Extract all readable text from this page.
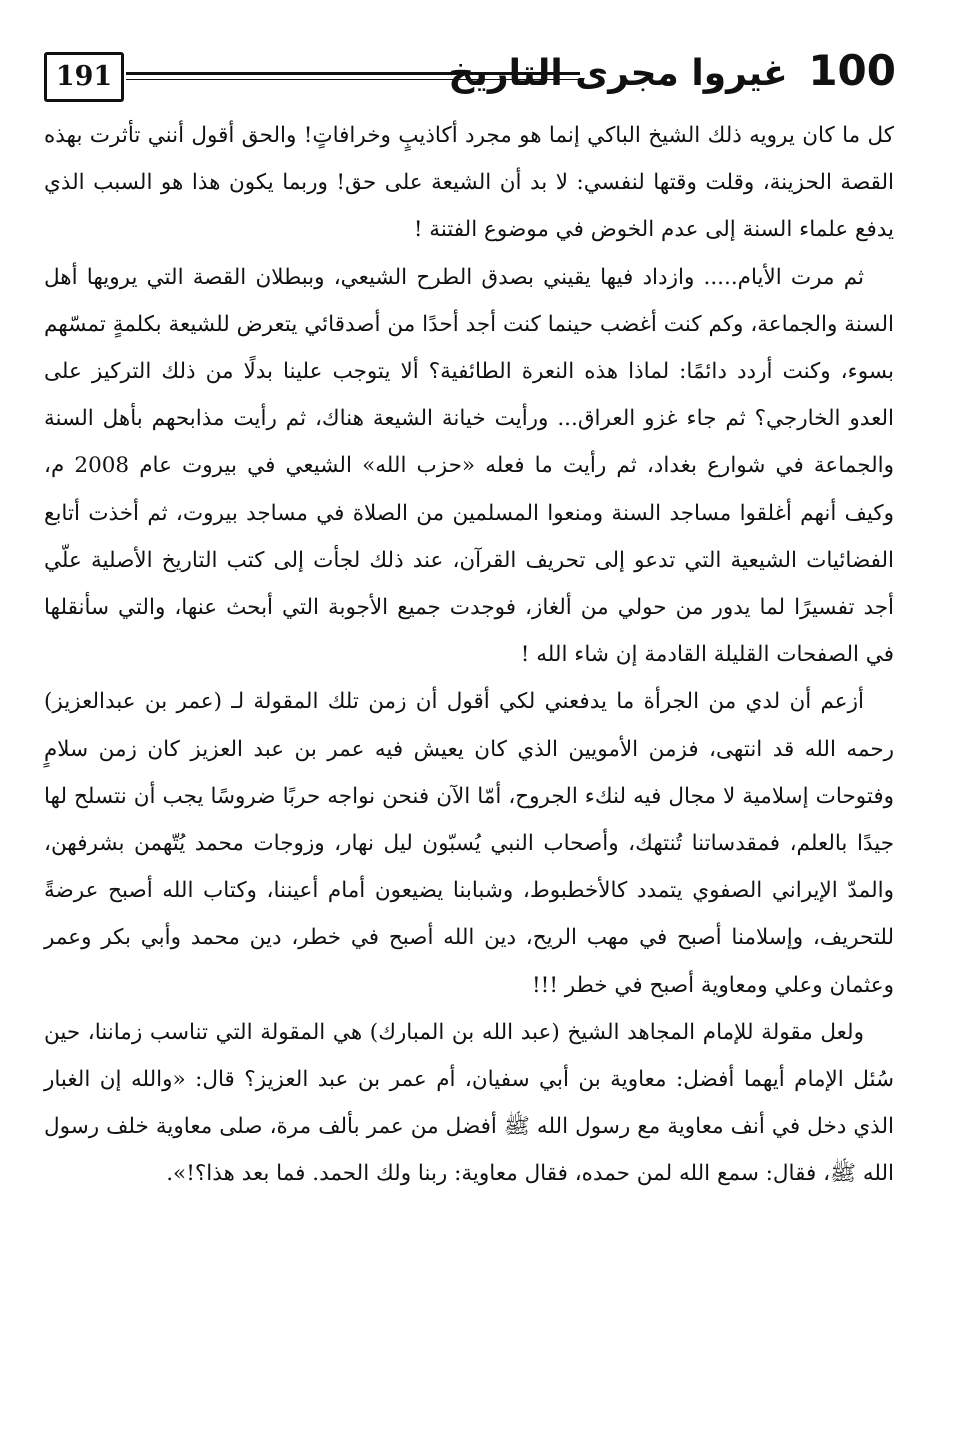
100 غيروا مجرى التاريخ
191

كل ما كان يرويه ذلك الشيخ الباكي إنما هو مجرد أكاذيبٍ وخرافاتٍ! والحق أقول أنني تأثرت بهذه القصة الحزينة، وقلت وقتها لنفسي: لا بد أن الشيعة على حق! وربما يكون هذا هو السبب الذي يدفع علماء السنة إلى عدم الخوض في موضوع الفتنة !

ثم مرت الأيام..... وازداد فيها يقيني بصدق الطرح الشيعي، وببطلان القصة التي يرويها أهل السنة والجماعة، وكم كنت أغضب حينما كنت أجد أحدًا من أصدقائي يتعرض للشيعة بكلمةٍ تمسّهم بسوء، وكنت أردد دائمًا: لماذا هذه النعرة الطائفية؟ ألا يتوجب علينا بدلًا من ذلك التركيز على العدو الخارجي؟ ثم جاء غزو العراق... ورأيت خيانة الشيعة هناك، ثم رأيت مذابحهم بأهل السنة والجماعة في شوارع بغداد، ثم رأيت ما فعله «حزب الله» الشيعي في بيروت عام 2008 م، وكيف أنهم أغلقوا مساجد السنة ومنعوا المسلمين من الصلاة في مساجد بيروت، ثم أخذت أتابع الفضائيات الشيعية التي تدعو إلى تحريف القرآن، عند ذلك لجأت إلى كتب التاريخ الأصلية علّي أجد تفسيرًا لما يدور من حولي من ألغاز، فوجدت جميع الأجوبة التي أبحث عنها، والتي سأنقلها في الصفحات القليلة القادمة إن شاء الله !

أزعم أن لدي من الجرأة ما يدفعني لكي أقول أن زمن تلك المقولة لـ (عمر بن عبدالعزيز) رحمه الله قد انتهى، فزمن الأمويين الذي كان يعيش فيه عمر بن عبد العزيز كان زمن سلامٍ وفتوحات إسلامية لا مجال فيه لنكء الجروح، أمّا الآن فنحن نواجه حربًا ضروسًا يجب أن نتسلح لها جيدًا بالعلم، فمقدساتنا تُنتهك، وأصحاب النبي يُسبّون ليل نهار، وزوجات محمد يُتّهمن بشرفهن، والمدّ الإيراني الصفوي يتمدد كالأخطبوط، وشبابنا يضيعون أمام أعيننا، وكتاب الله أصبح عرضةً للتحريف، وإسلامنا أصبح في مهب الريح، دين الله أصبح في خطر، دين محمد وأبي بكر وعمر وعثمان وعلي ومعاوية أصبح في خطر !!!

ولعل مقولة للإمام المجاهد الشيخ (عبد الله بن المبارك) هي المقولة التي تناسب زماننا، حين سُئل الإمام أيهما أفضل: معاوية بن أبي سفيان، أم عمر بن عبد العزيز؟ قال: «والله إن الغبار الذي دخل في أنف معاوية مع رسول الله ﷺ أفضل من عمر بألف مرة، صلى معاوية خلف رسول الله ﷺ، فقال: سمع الله لمن حمده، فقال معاوية: ربنا ولك الحمد. فما بعد هذا؟!».
